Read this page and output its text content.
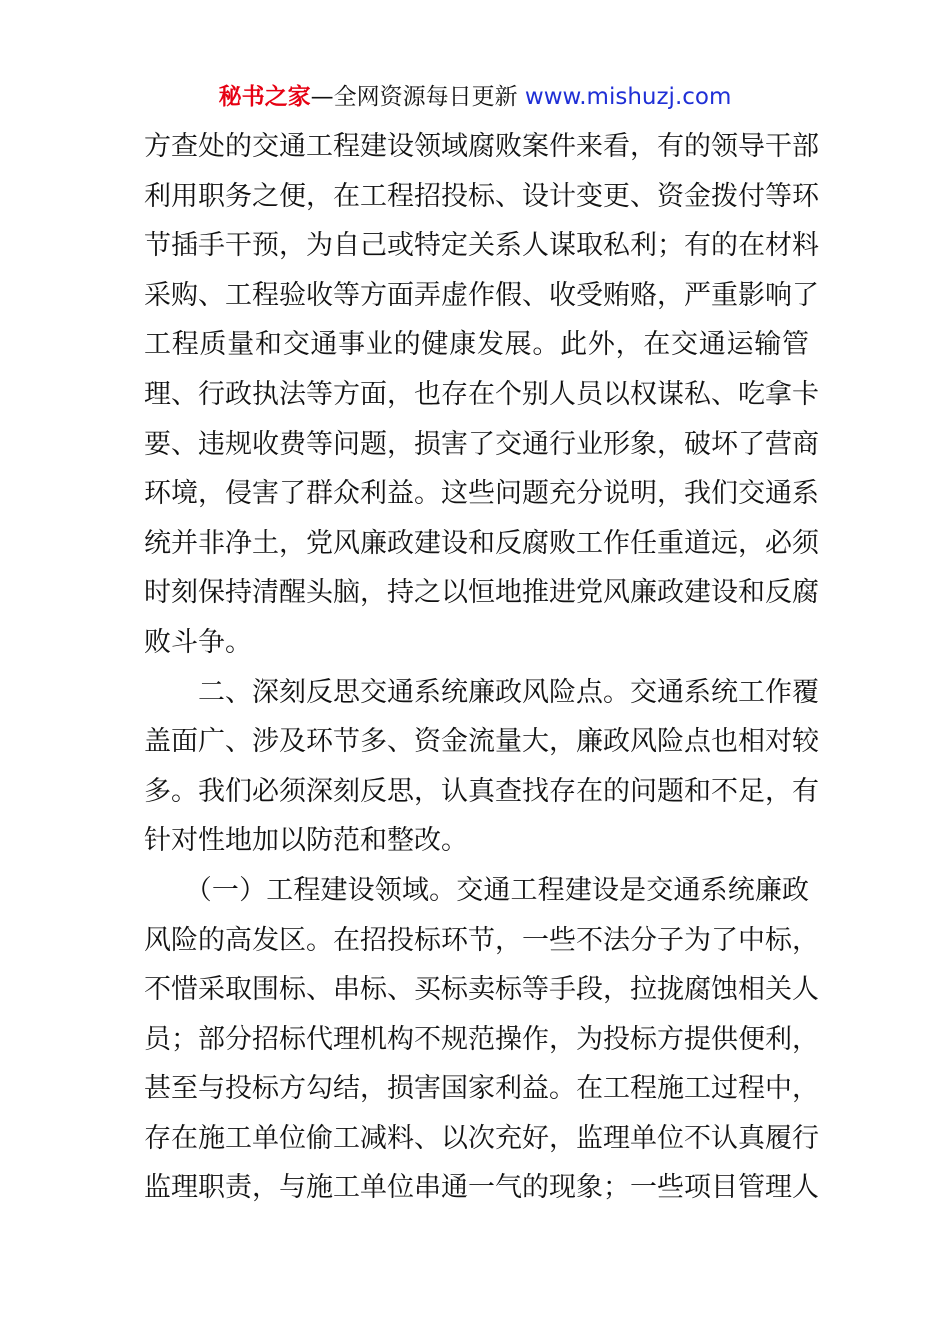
秘书之家—全网资源每日更新 www.mishuzj.com
方查处的交通工程建设领域腐败案件来看，有的领导干部
利用职务之便，在工程招投标、设计变更、资金拨付等环
节插手干预，为自己或特定关系人谋取私利；有的在材料
采购、工程验收等方面弄虚作假、收受贿赂，严重影响了
工程质量和交通事业的健康发展。此外，在交通运输管
理、行政执法等方面，也存在个别人员以权谋私、吃拿卡
要、违规收费等问题，损害了交通行业形象，破坏了营商
环境，侵害了群众利益。这些问题充分说明，我们交通系
统并非净土，党风廉政建设和反腐败工作任重道远，必须
时刻保持清醒头脑，持之以恒地推进党风廉政建设和反腐
败斗争。
　　二、深刻反思交通系统廉政风险点。交通系统工作覆
盖面广、涉及环节多、资金流量大，廉政风险点也相对较
多。我们必须深刻反思，认真查找存在的问题和不足，有
针对性地加以防范和整改。
　　（一）工程建设领域。交通工程建设是交通系统廉政
风险的高发区。在招投标环节，一些不法分子为了中标，
不惜采取围标、串标、买标卖标等手段，拉拢腐蚀相关人
员；部分招标代理机构不规范操作，为投标方提供便利，
甚至与投标方勾结，损害国家利益。在工程施工过程中，
存在施工单位偷工减料、以次充好，监理单位不认真履行
监理职责，与施工单位串通一气的现象；一些项目管理人
